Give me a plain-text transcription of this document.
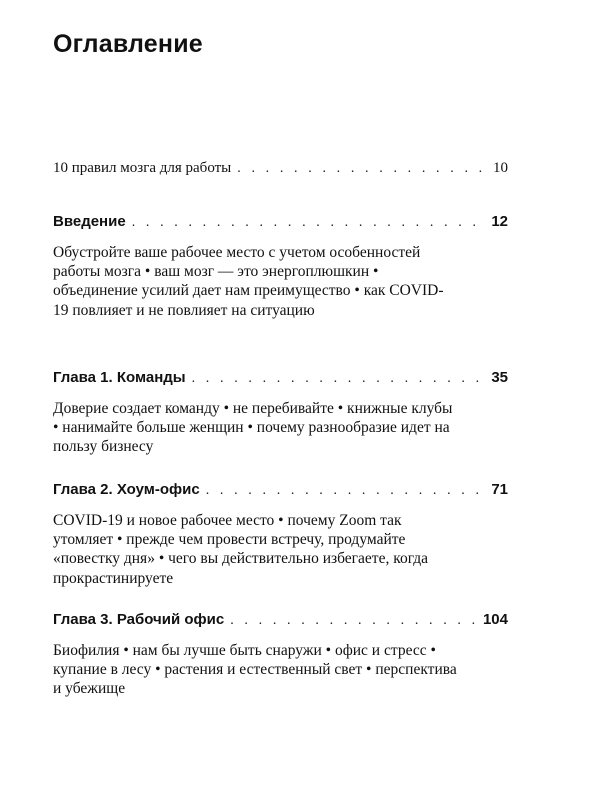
Оглавление
10 правил мозга для работы . . .	10
Введение . . .	12

Обустройте ваше рабочее место с учетом особенностей работы мозга • ваш мозг — это энергоплюшкин • объединение усилий дает нам преимущество • как COVID-19 повлияет и не повлияет на ситуацию

Глава 1. Команды . . .	35

Доверие создает команду • не перебивайте • книжные клубы • нанимайте больше женщин • почему разнообразие идет на пользу бизнесу

Глава 2. Хоум-офис . . .	71

COVID-19 и новое рабочее место • почему Zoom так утомляет • прежде чем провести встречу, продумайте «повестку дня» • чего вы действительно избегаете, когда прокрастинируете

Глава 3. Рабочий офис . . .	104

Биофилия • нам бы лучше быть снаружи • офис и стресс • купание в лесу • растения и естественный свет • перспектива и убежище
